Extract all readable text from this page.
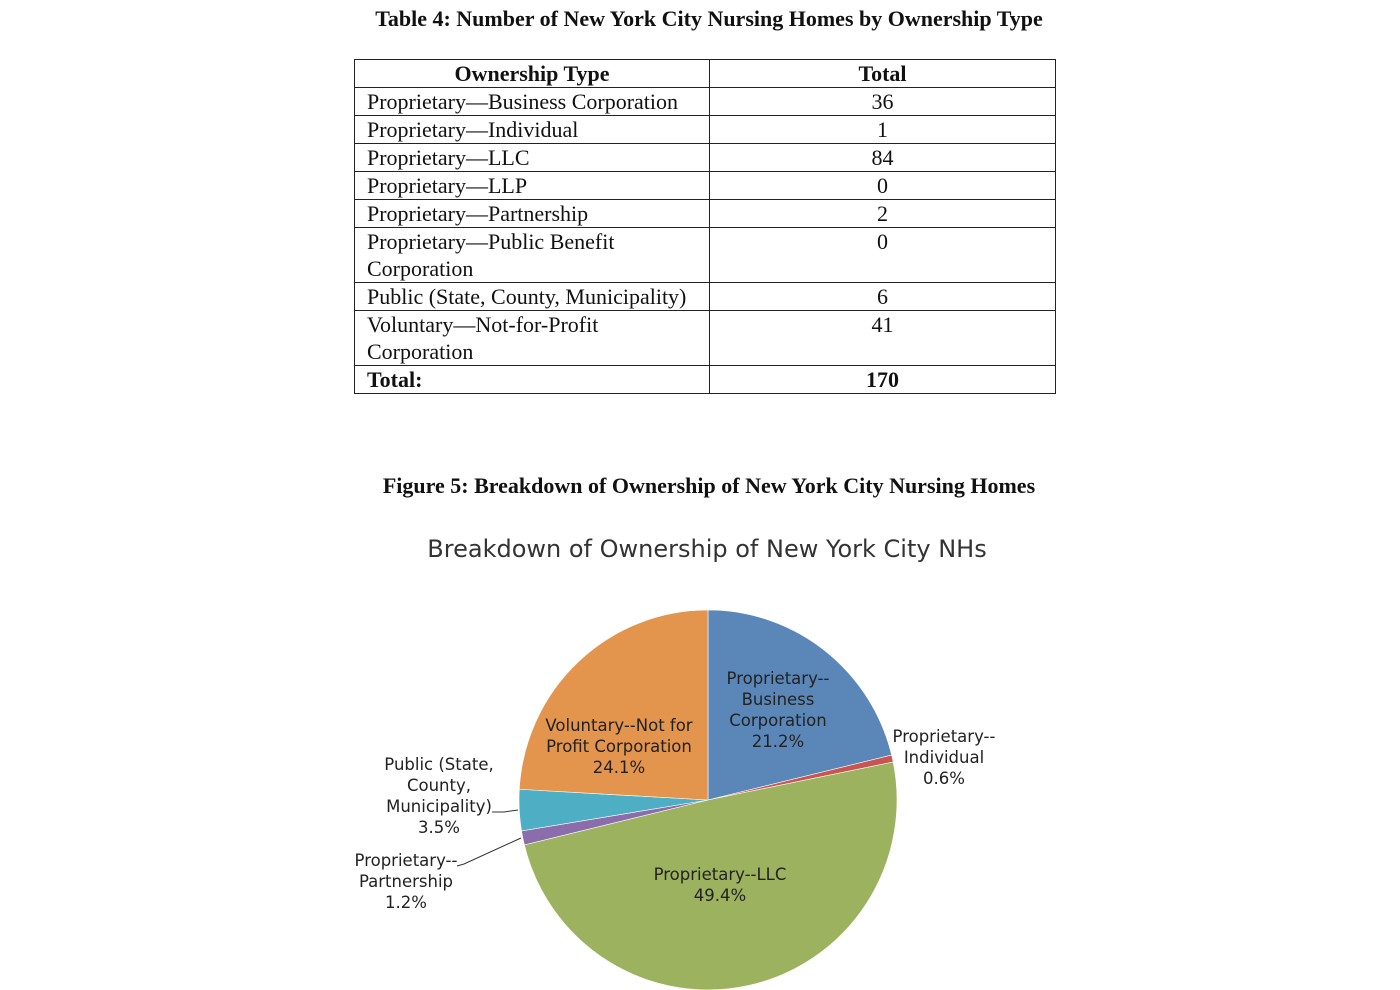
Table 4: Number of New York City Nursing Homes by Ownership Type
Ownership Type	Total
Proprietary—Business Corporation	36
Proprietary—Individual	1
Proprietary—LLC	84
Proprietary—LLP	0
Proprietary—Partnership	2
Proprietary—Public Benefit Corporation	0
Public (State, County, Municipality)	6
Voluntary—Not-for-Profit Corporation	41
Total:	170
Figure 5: Breakdown of Ownership of New York City Nursing Homes
Breakdown of Ownership of New York City NHs
Proprietary--Business Corporation 21.2%	Proprietary--Individual 0.6%
Proprietary--LLC 49.4%
Proprietary--Partnership 1.2%
Public (State, County, Municipality) 3.5%
Voluntary--Not for Profit Corporation 24.1%
